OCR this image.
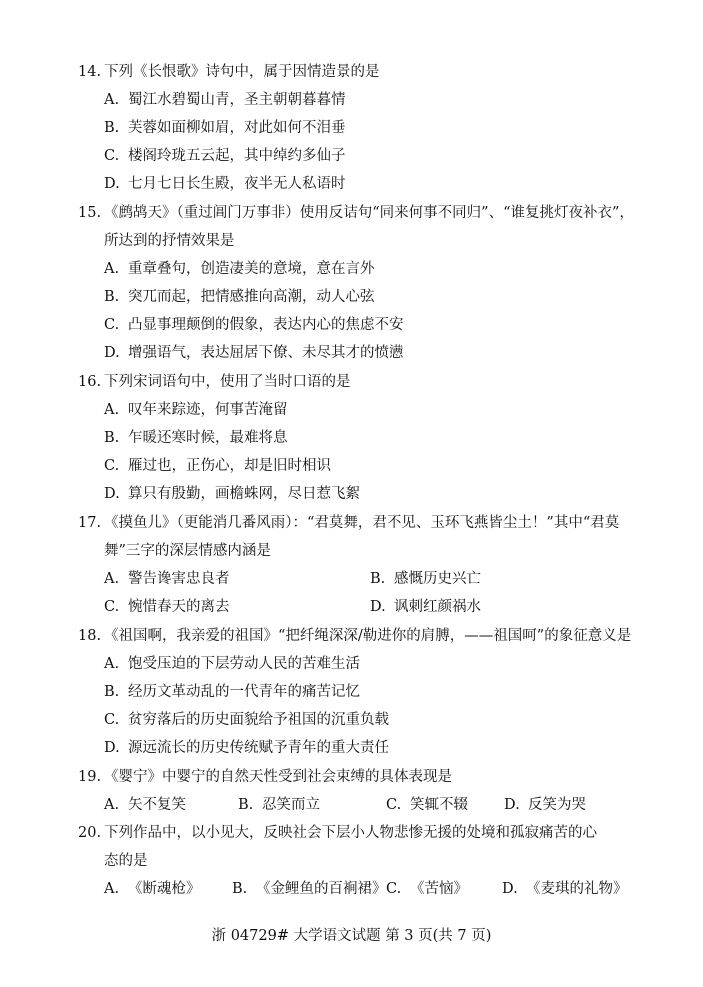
14. 下列《长恨歌》诗句中，属于因情造景的是
A. 蜀江水碧蜀山青，圣主朝朝暮暮情
B. 芙蓉如面柳如眉，对此如何不泪垂
C. 楼阁玲珑五云起，其中绰约多仙子
D. 七月七日长生殿，夜半无人私语时
15. 《鹧鸪天》（重过阊门万事非）使用反诘句“同来何事不同归”、“谁复挑灯夜补衣”，
所达到的抒情效果是
A. 重章叠句，创造凄美的意境，意在言外
B. 突兀而起，把情感推向高潮，动人心弦
C. 凸显事理颠倒的假象，表达内心的焦虑不安
D. 增强语气，表达屈居下僚、未尽其才的愤懑
16. 下列宋词语句中，使用了当时口语的是
A. 叹年来踪迹，何事苦淹留
B. 乍暖还寒时候，最难将息
C. 雁过也，正伤心，却是旧时相识
D. 算只有殷勤，画檐蛛网，尽日惹飞絮
17. 《摸鱼儿》（更能消几番风雨）：“君莫舞，君不见、玉环飞燕皆尘土！”其中“君莫
舞”三字的深层情感内涵是
A. 警告谗害忠良者	B. 感慨历史兴亡
C. 惋惜春天的离去	D. 讽刺红颜祸水
18. 《祖国啊，我亲爱的祖国》“把纤绳深深/勒进你的肩膊，——祖国呵”的象征意义是
A. 饱受压迫的下层劳动人民的苦难生活
B. 经历文革动乱的一代青年的痛苦记忆
C. 贫穷落后的历史面貌给予祖国的沉重负载
D. 源远流长的历史传统赋予青年的重大责任
19. 《婴宁》中婴宁的自然天性受到社会束缚的具体表现是
A. 矢不复笑	B. 忍笑而立	C. 笑辄不辍 D. 反笑为哭
20. 下列作品中，以小见大，反映社会下层小人物悲惨无援的处境和孤寂痛苦的心
态的是
A. 《断魂枪》 B. 《金鲤鱼的百裥裙》 C. 《苦恼》 D. 《麦琪的礼物》
浙 04729# 大学语文试题 第 3 页(共 7 页)
